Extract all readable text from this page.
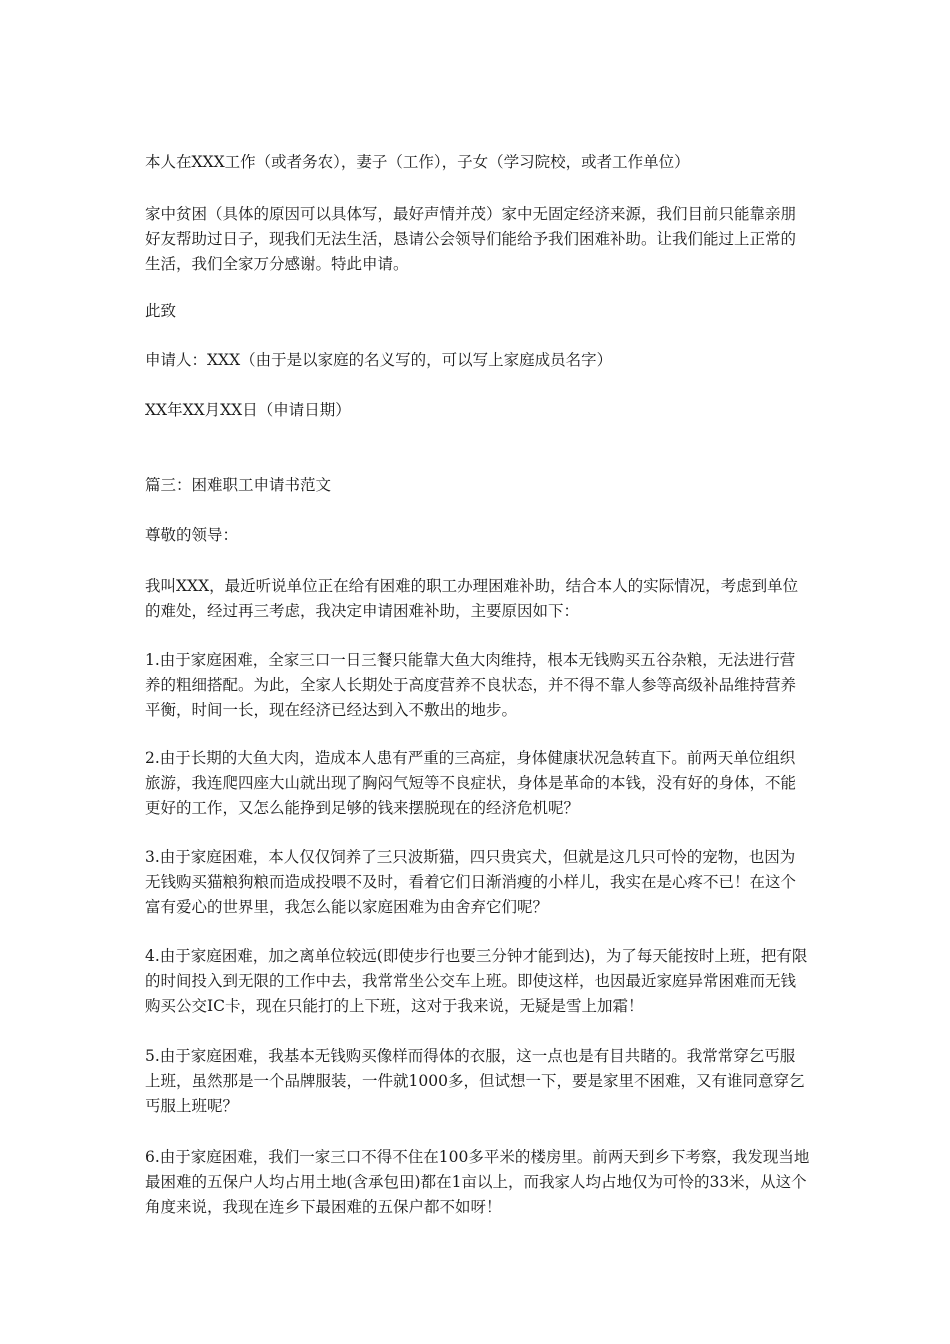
本人在XXX工作（或者务农），妻子（工作），子女（学习院校，或者工作单位）

家中贫困（具体的原因可以具体写，最好声情并茂）家中无固定经济来源，我们目前只能靠亲朋好友帮助过日子，现我们无法生活，恳请公会领导们能给予我们困难补助。让我们能过上正常的生活，我们全家万分感谢。特此申请。

此致

申请人：XXX（由于是以家庭的名义写的，可以写上家庭成员名字）

XX年XX月XX日（申请日期）

篇三：困难职工申请书范文

尊敬的领导：

我叫XXX，最近听说单位正在给有困难的职工办理困难补助，结合本人的实际情况，考虑到单位的难处，经过再三考虑，我决定申请困难补助，主要原因如下：

1.由于家庭困难，全家三口一日三餐只能靠大鱼大肉维持，根本无钱购买五谷杂粮，无法进行营养的粗细搭配。为此，全家人长期处于高度营养不良状态，并不得不靠人参等高级补品维持营养平衡，时间一长，现在经济已经达到入不敷出的地步。

2.由于长期的大鱼大肉，造成本人患有严重的三高症，身体健康状况急转直下。前两天单位组织旅游，我连爬四座大山就出现了胸闷气短等不良症状，身体是革命的本钱，没有好的身体，不能更好的工作，又怎么能挣到足够的钱来摆脱现在的经济危机呢？

3.由于家庭困难，本人仅仅饲养了三只波斯猫，四只贵宾犬，但就是这几只可怜的宠物，也因为无钱购买猫粮狗粮而造成投喂不及时，看着它们日渐消瘦的小样儿，我实在是心疼不已！在这个富有爱心的世界里，我怎么能以家庭困难为由舍弃它们呢？

4.由于家庭困难，加之离单位较远(即使步行也要三分钟才能到达)，为了每天能按时上班，把有限的时间投入到无限的工作中去，我常常坐公交车上班。即使这样，也因最近家庭异常困难而无钱购买公交IC卡，现在只能打的上下班，这对于我来说，无疑是雪上加霜！

5.由于家庭困难，我基本无钱购买像样而得体的衣服，这一点也是有目共睹的。我常常穿乞丐服上班，虽然那是一个品牌服装，一件就1000多，但试想一下，要是家里不困难，又有谁同意穿乞丐服上班呢？

6.由于家庭困难，我们一家三口不得不住在100多平米的楼房里。前两天到乡下考察，我发现当地最困难的五保户人均占用土地(含承包田)都在1亩以上，而我家人均占地仅为可怜的33米，从这个角度来说，我现在连乡下最困难的五保户都不如呀！
